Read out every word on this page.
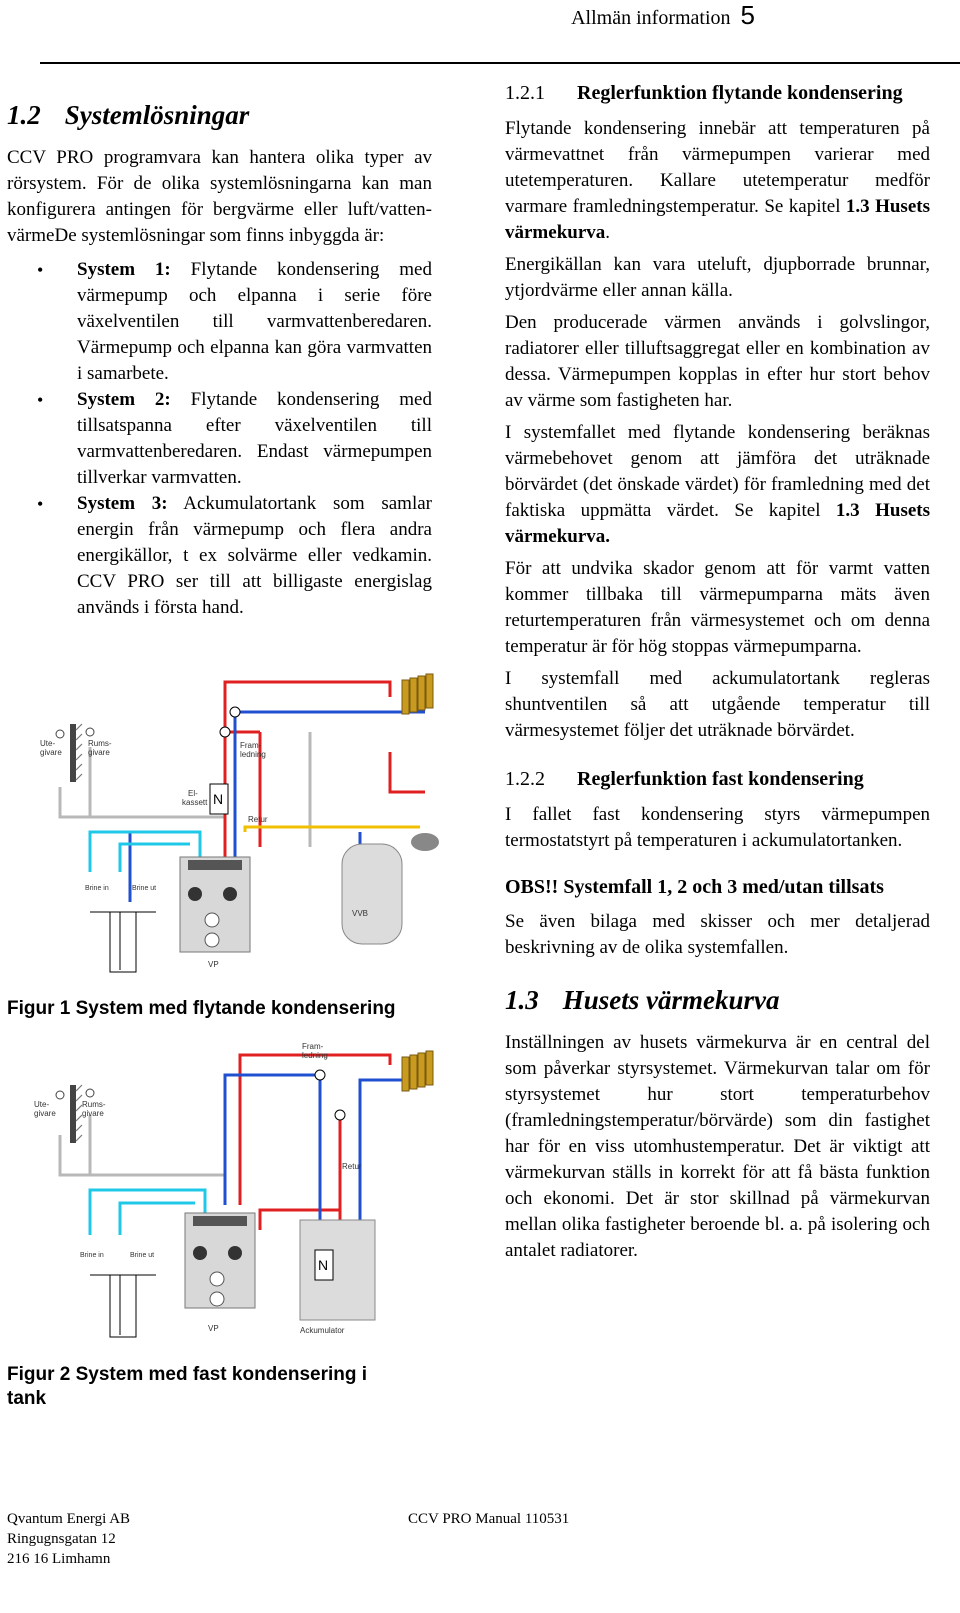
Allmän information 5
1.2 Systemlösningar

CCV PRO programvara kan hantera olika typer av rörsystem. För de olika systemlösningarna kan man konfigurera antingen för bergvärme eller luft/vatten-värmeDe systemlösningar som finns inbyggda är:

• System 1: Flytande kondensering med värmepump och elpanna i serie före växelventilen till varmvattenberedaren. Värmepump och elpanna kan göra varmvatten i samarbete.
• System 2: Flytande kondensering med tillsatspanna efter växelventilen till varmvattenberedaren. Endast värmepumpen tillverkar varmvatten.
• System 3: Ackumulatortank som samlar energin från värmepump och flera andra energikällor, t ex solvärme eller vedkamin. CCV PRO ser till att billigaste energislag används i första hand.
Ute-givare
Rums-givare
N
El-kassett
Fram-ledning
Retur
VP
VVB
Brine in	Brine ut
Figur 1 System med flytande kondensering
Ute-givare
Rums-givare
Fram-ledning
Retur
VP
N
Ackumulator
Brine in	Brine ut
Figur 2 System med fast kondensering i tank
1.2.1	Reglerfunktion flytande kondensering

Flytande kondensering innebär att temperaturen på värmevattnet från värmepumpen varierar med utetemperaturen. Kallare utetemperatur medför varmare framledningstemperatur. Se kapitel 1.3 Husets värmekurva.

Energikällan kan vara uteluft, djupborrade brunnar, ytjordvärme eller annan källa.

Den producerade värmen används i golvslingor, radiatorer eller tilluftsaggregat eller en kombination av dessa. Värmepumpen kopplas in efter hur stort behov av värme som fastigheten har.

I systemfallet med flytande kondensering beräknas värmebehovet genom att jämföra det uträknade börvärdet (det önskade värdet) för framledning med det faktiska uppmätta värdet. Se kapitel 1.3 Husets värmekurva.

För att undvika skador genom att för varmt vatten kommer tillbaka till värmepumparna mäts även returtemperaturen från värmesystemet och om denna temperatur är för hög stoppas värmepumparna.

I systemfall med ackumulatortank regleras shuntventilen så att utgående temperatur till värmesystemet följer det uträknade börvärdet.

1.2.2	Reglerfunktion fast kondensering

I fallet fast kondensering styrs värmepumpen termostatstyrt på temperaturen i ackumulatortanken.

OBS!! Systemfall 1, 2 och 3 med/utan tillsats

Se även bilaga med skisser och mer detaljerad beskrivning av de olika systemfallen.

1.3 Husets värmekurva

Inställningen av husets värmekurva är en central del som påverkar styrsystemet. Värmekurvan talar om för styrsystemet hur stort temperaturbehov (framledningstemperatur/börvärde) som din fastighet har för en viss utomhustemperatur. Det är viktigt att värmekurvan ställs in korrekt för att få bästa funktion och ekonomi. Det är stor skillnad på värmekurvan mellan olika fastigheter beroende bl. a. på isolering och antalet radiatorer.

Qvantum Energi AB
Ringugnsgatan 12
216 16 Limhamn
CCV PRO Manual 110531
